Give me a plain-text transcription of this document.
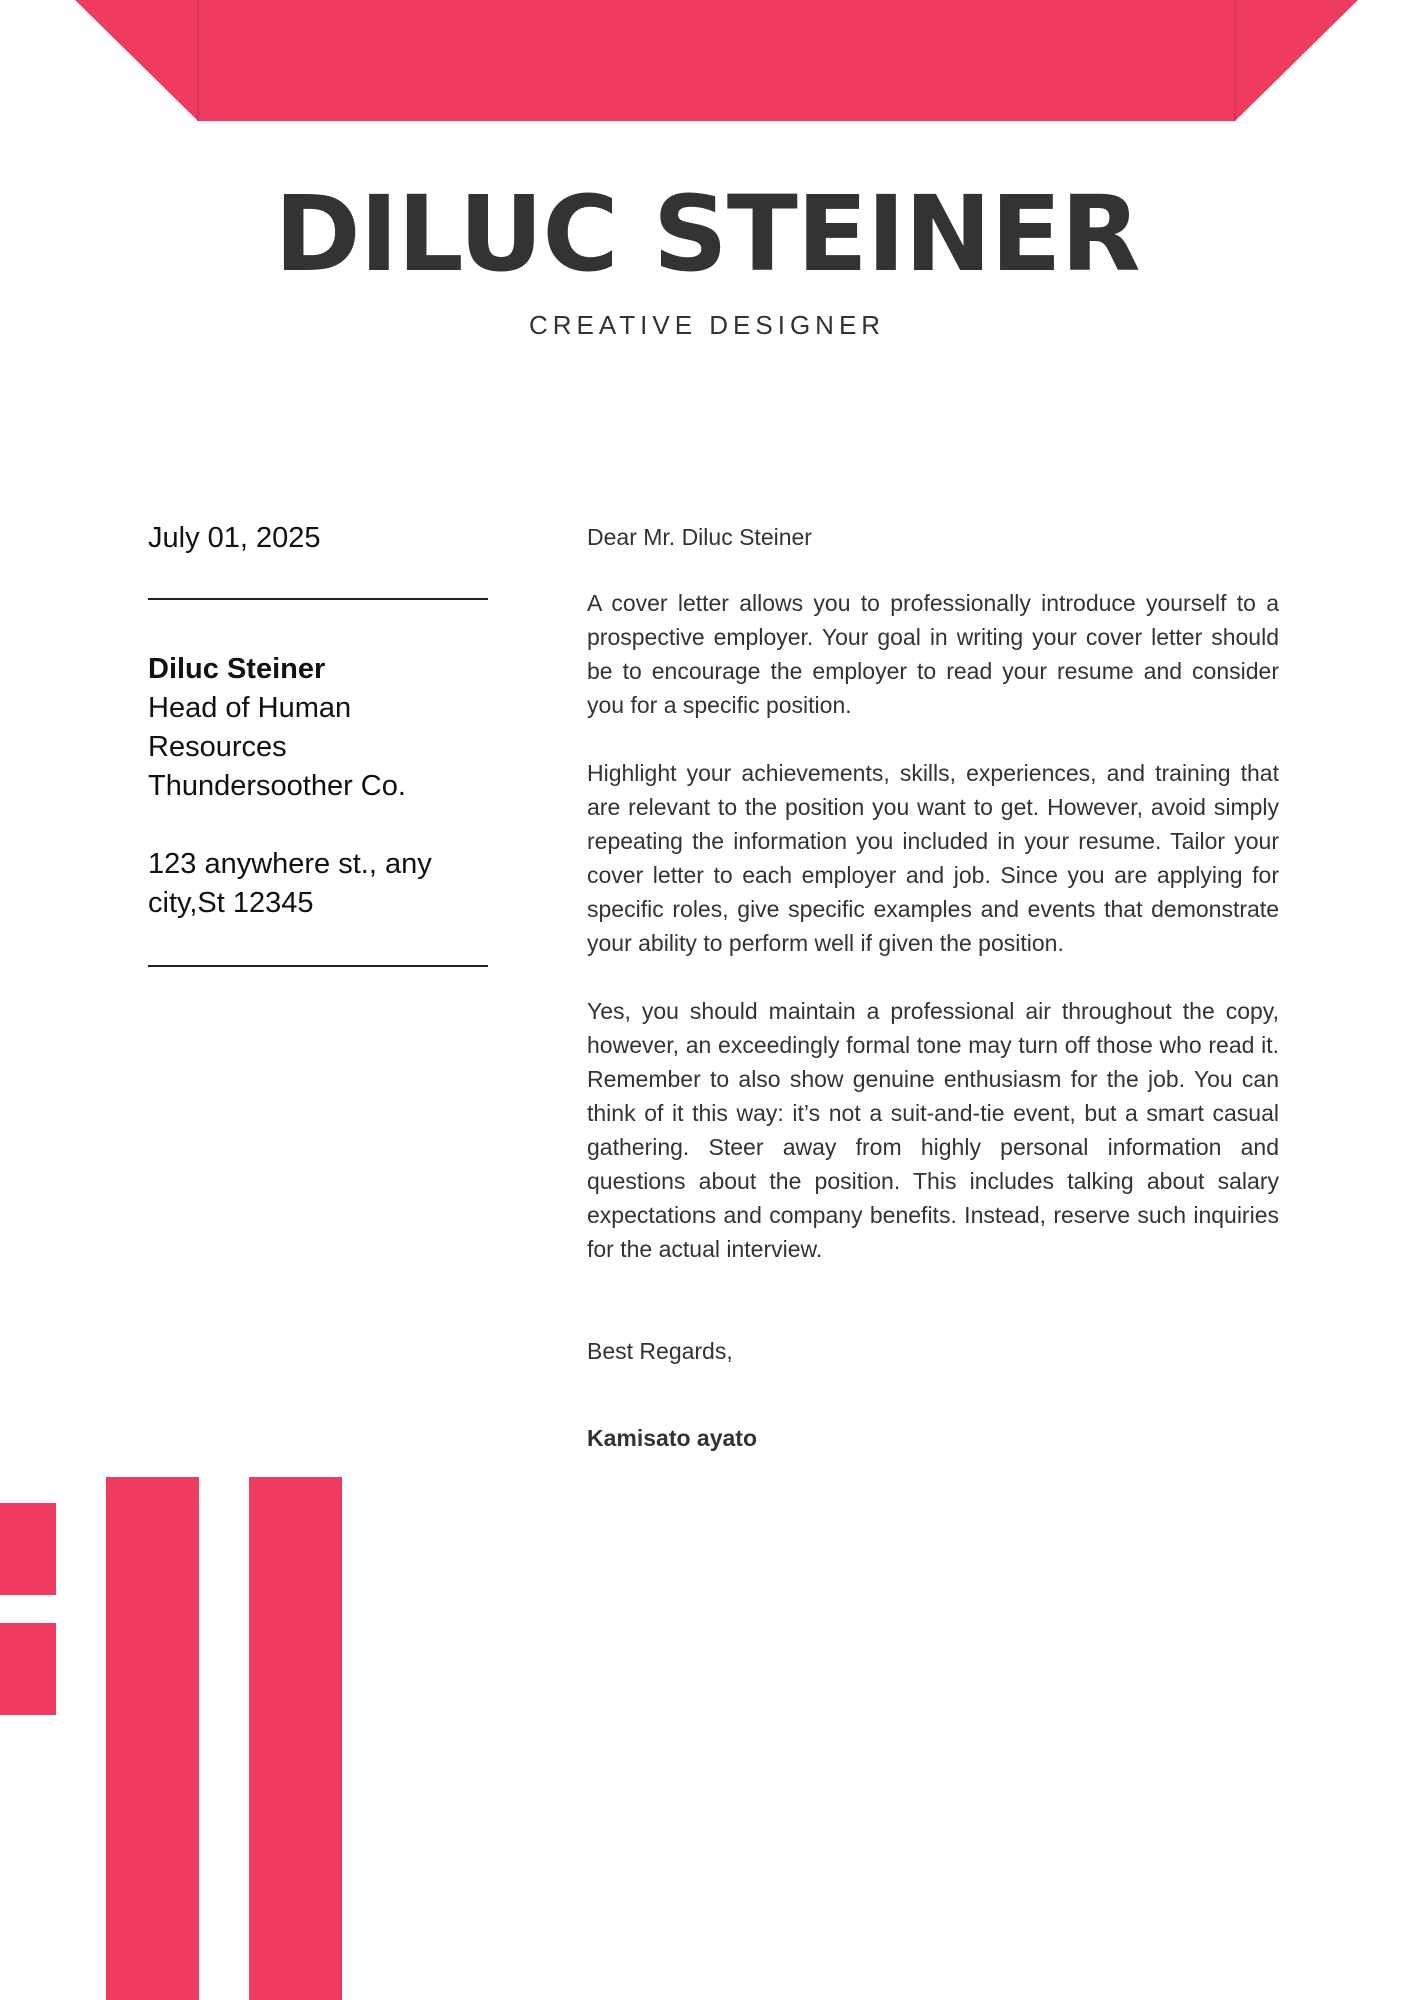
DILUC STEINER
CREATIVE DESIGNER
July 01, 2025
Diluc Steiner
Head of Human
Resources
Thundersoother Co.
123 anywhere st., any
city,St 12345

Dear Mr. Diluc Steiner

A cover letter allows you to professionally introduce yourself to a prospective employer. Your goal in writing your cover letter should be to encourage the employer to read your resume and consider you for a specific position.

Highlight your achievements, skills, experiences, and training that are relevant to the position you want to get. However, avoid simply repeating the information you included in your resume. Tailor your cover letter to each employer and job. Since you are applying for specific roles, give specific examples and events that demonstrate your ability to perform well if given the position.

Yes, you should maintain a professional air throughout the copy, however, an exceedingly formal tone may turn off those who read it. Remember to also show genuine enthusiasm for the job. You can think of it this way: it’s not a suit-and-tie event, but a smart casual gathering. Steer away from highly personal information and questions about the position. This includes talking about salary expectations and company benefits. Instead, reserve such inquiries for the actual interview.

Best Regards,

Kamisato ayato
